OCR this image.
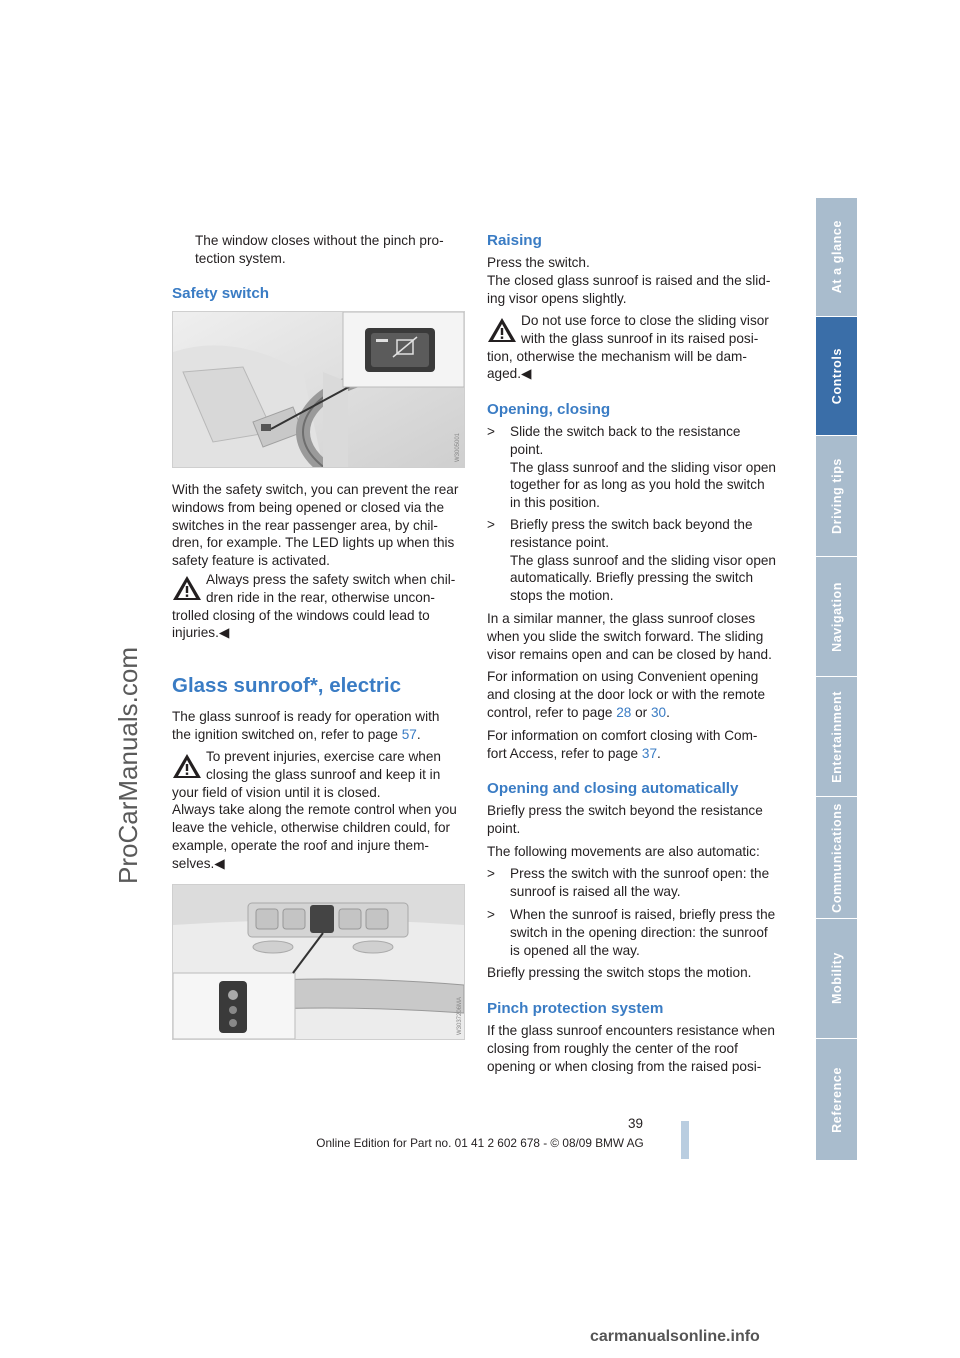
At a glance
Controls
Driving tips
Navigation
Entertainment
Communications
Mobility
Reference
ProCarManuals.com

The window closes without the pinch pro-
tection system.

Safety switch
W3005001

With the safety switch, you can prevent the rear
windows from being opened or closed via the
switches in the rear passenger area, by chil-
dren, for example. The LED lights up when this
safety feature is activated.

Always press the safety switch when chil-
dren ride in the rear, otherwise uncon-
trolled closing of the windows could lead to
injuries.◀

Glass sunroof*, electric

The glass sunroof is ready for operation with
the ignition switched on, refer to page 57.

To prevent injuries, exercise care when
closing the glass sunroof and keep it in
your field of vision until it is closed.
Always take along the remote control when you
leave the vehicle, otherwise children could, for
example, operate the roof and injure them-
selves.◀

W3037206MA
Raising

Press the switch.
The closed glass sunroof is raised and the slid-
ing visor opens slightly.

Do not use force to close the sliding visor
with the glass sunroof in its raised posi-
tion, otherwise the mechanism will be dam-
aged.◀

Opening, closing
> Slide the switch back to the resistance
point.
The glass sunroof and the sliding visor open
together for as long as you hold the switch
in this position.
> Briefly press the switch back beyond the
resistance point.
The glass sunroof and the sliding visor open
automatically. Briefly pressing the switch
stops the motion.

In a similar manner, the glass sunroof closes
when you slide the switch forward. The sliding
visor remains open and can be closed by hand.

For information on using Convenient opening
and closing at the door lock or with the remote
control, refer to page 28 or 30.

For information on comfort closing with Com-
fort Access, refer to page 37.

Opening and closing automatically

Briefly press the switch beyond the resistance
point.

The following movements are also automatic:

> Press the switch with the sunroof open: the
sunroof is raised all the way.
> When the sunroof is raised, briefly press the
switch in the opening direction: the sunroof
is opened all the way.

Briefly pressing the switch stops the motion.

Pinch protection system

If the glass sunroof encounters resistance when
closing from roughly the center of the roof
opening or when closing from the raised posi-

39
Online Edition for Part no. 01 41 2 602 678 - © 08/09 BMW AG
carmanualsonline.info
